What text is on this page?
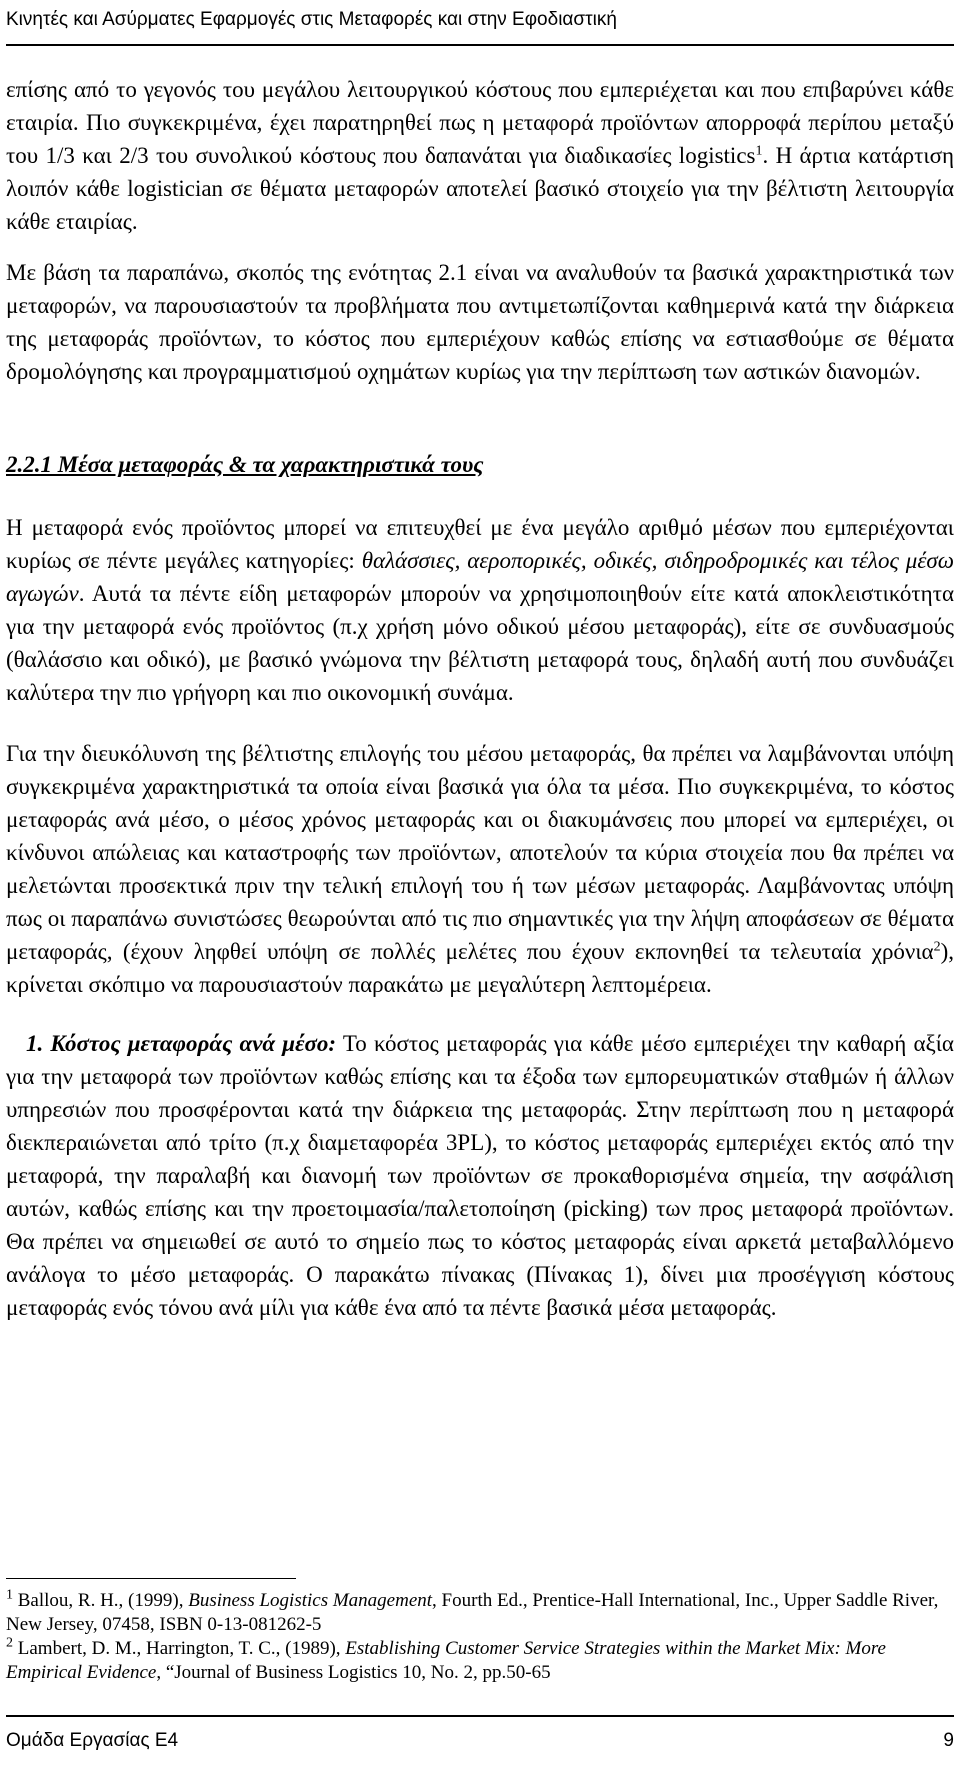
Κινητές και Ασύρματες Εφαρμογές στις Μεταφορές και στην Εφοδιαστική

επίσης από το γεγονός του μεγάλου λειτουργικού κόστους που εμπεριέχεται και που επιβαρύνει κάθε εταιρία. Πιο συγκεκριμένα, έχει παρατηρηθεί πως η μεταφορά προϊόντων απορροφά περίπου μεταξύ του 1/3 και 2/3 του συνολικού κόστους που δαπανάται για διαδικασίες logistics$^1$. Η άρτια κατάρτιση λοιπόν κάθε logistician σε θέματα μεταφορών αποτελεί βασικό στοιχείο για την βέλτιστη λειτουργία κάθε εταιρίας.

Με βάση τα παραπάνω, σκοπός της ενότητας 2.1 είναι να αναλυθούν τα βασικά χαρακτηριστικά των μεταφορών, να παρουσιαστούν τα προβλήματα που αντιμετωπίζονται καθημερινά κατά την διάρκεια της μεταφοράς προϊόντων, το κόστος που εμπεριέχουν καθώς επίσης να εστιασθούμε σε θέματα δρομολόγησης και προγραμματισμού οχημάτων κυρίως για την περίπτωση των αστικών διανομών.

2.2.1 Μέσα μεταφοράς & τα χαρακτηριστικά τους

Η μεταφορά ενός προϊόντος μπορεί να επιτευχθεί με ένα μεγάλο αριθμό μέσων που εμπεριέχονται κυρίως σε πέντε μεγάλες κατηγορίες: θαλάσσιες, αεροπορικές, οδικές, σιδηροδρομικές και τέλος μέσω αγωγών. Αυτά τα πέντε είδη μεταφορών μπορούν να χρησιμοποιηθούν είτε κατά αποκλειστικότητα για την μεταφορά ενός προϊόντος (π.χ χρήση μόνο οδικού μέσου μεταφοράς), είτε σε συνδυασμούς (θαλάσσιο και οδικό), με βασικό γνώμονα την βέλτιστη μεταφορά τους, δηλαδή αυτή που συνδυάζει καλύτερα την πιο γρήγορη και πιο οικονομική συνάμα.

Για την διευκόλυνση της βέλτιστης επιλογής του μέσου μεταφοράς, θα πρέπει να λαμβάνονται υπόψη συγκεκριμένα χαρακτηριστικά τα οποία είναι βασικά για όλα τα μέσα. Πιο συγκεκριμένα, το κόστος μεταφοράς ανά μέσο, ο μέσος χρόνος μεταφοράς και οι διακυμάνσεις που μπορεί να εμπεριέχει, οι κίνδυνοι απώλειας και καταστροφής των προϊόντων, αποτελούν τα κύρια στοιχεία που θα πρέπει να μελετώνται προσεκτικά πριν την τελική επιλογή του ή των μέσων μεταφοράς. Λαμβάνοντας υπόψη πως οι παραπάνω συνιστώσες θεωρούνται από τις πιο σημαντικές για την λήψη αποφάσεων σε θέματα μεταφοράς, (έχουν ληφθεί υπόψη σε πολλές μελέτες που έχουν εκπονηθεί τα τελευταία χρόνια$^2$), κρίνεται σκόπιμο να παρουσιαστούν παρακάτω με μεγαλύτερη λεπτομέρεια.

1. Κόστος μεταφοράς ανά μέσο: Το κόστος μεταφοράς για κάθε μέσο εμπεριέχει την καθαρή αξία για την μεταφορά των προϊόντων καθώς επίσης και τα έξοδα των εμπορευματικών σταθμών ή άλλων υπηρεσιών που προσφέρονται κατά την διάρκεια της μεταφοράς. Στην περίπτωση που η μεταφορά διεκπεραιώνεται από τρίτο (π.χ διαμεταφορέα 3PL), το κόστος μεταφοράς εμπεριέχει εκτός από την μεταφορά, την παραλαβή και διανομή των προϊόντων σε προκαθορισμένα σημεία, την ασφάλιση αυτών, καθώς επίσης και την προετοιμασία/παλετοποίηση (picking) των προς μεταφορά προϊόντων. Θα πρέπει να σημειωθεί σε αυτό το σημείο πως το κόστος μεταφοράς είναι αρκετά μεταβαλλόμενο ανάλογα το μέσο μεταφοράς. Ο παρακάτω πίνακας (Πίνακας 1), δίνει μια προσέγγιση κόστους μεταφοράς ενός τόνου ανά μίλι για κάθε ένα από τα πέντε βασικά μέσα μεταφοράς.

$^1$ Ballou, R. H., (1999), Business Logistics Management, Fourth Ed., Prentice-Hall International, Inc., Upper Saddle River, New Jersey, 07458, ISBN 0-13-081262-5

$^2$ Lambert, D. M., Harrington, T. C., (1989), Establishing Customer Service Strategies within the Market Mix: More Empirical Evidence, “Journal of Business Logistics 10, No. 2, pp.50-65

Ομάδα Εργασίας Ε4	9
